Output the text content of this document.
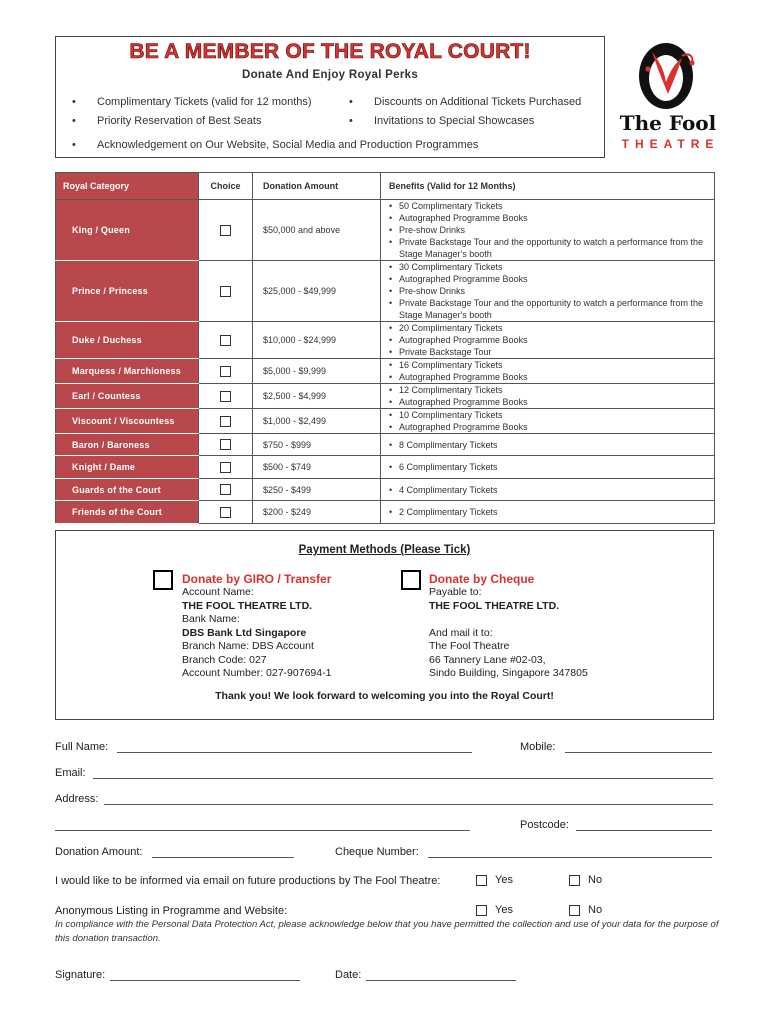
BE A MEMBER OF THE ROYAL COURT!
Donate And Enjoy Royal Perks
• Complimentary Tickets (valid for 12 months)	• Discounts on Additional Tickets Purchased
• Priority Reservation of Best Seats	• Invitations to Special Showcases
• Acknowledgement on Our Website, Social Media and Production Programmes
The Fool
THEATRE
Royal Category	Choice	Donation Amount	Benefits (Valid for 12 Months)
King / Queen		$50,000 and above	• 50 Complimentary Tickets
• Autographed Programme Books
• Pre-show Drinks
• Private Backstage Tour and the opportunity to watch a performance from the Stage Manager's booth

Prince / Princess		$25,000 - $49,999	• 30 Complimentary Tickets
• Autographed Programme Books
• Pre-show Drinks
• Private Backstage Tour and the opportunity to watch a performance from the Stage Manager's booth

Duke / Duchess		$10,000 - $24,999	• 20 Complimentary Tickets
• Autographed Programme Books
• Private Backstage Tour

Marquess / Marchioness		$5,000 - $9,999	• 16 Complimentary Tickets
• Autographed Programme Books

Earl / Countess		$2,500 - $4,999	• 12 Complimentary Tickets
• Autographed Programme Books

Viscount / Viscountess		$1,000 - $2,499	• 10 Complimentary Tickets
• Autographed Programme Books

Baron / Baroness		$750 - $999	• 8 Complimentary Tickets

Knight / Dame		$500 - $749	• 6 Complimentary Tickets

Guards of the Court		$250 - $499	• 4 Complimentary Tickets

Friends of the Court		$200 - $249	• 2 Complimentary Tickets
Payment Methods (Please Tick)
Donate by GIRO / Transfer
Account Name:
THE FOOL THEATRE LTD.
Bank Name:
DBS Bank Ltd Singapore
Branch Name: DBS Account
Branch Code: 027
Account Number: 027-907694-1
Donate by Cheque
Payable to:
THE FOOL THEATRE LTD.
And mail it to:
The Fool Theatre
66 Tannery Lane #02-03,
Sindo Building, Singapore 347805
Thank you! We look forward to welcoming you into the Royal Court!
Full Name:	Mobile:
Email:
Address:
Postcode:
Donation Amount:	Cheque Number:
I would like to be informed via email on future productions by The Fool Theatre:	Yes	No
Anonymous Listing in Programme and Website:	Yes	No
In compliance with the Personal Data Protection Act, please acknowledge below that you have permitted the collection and use of your data for the purpose of this donation transaction.
Signature:	Date:
